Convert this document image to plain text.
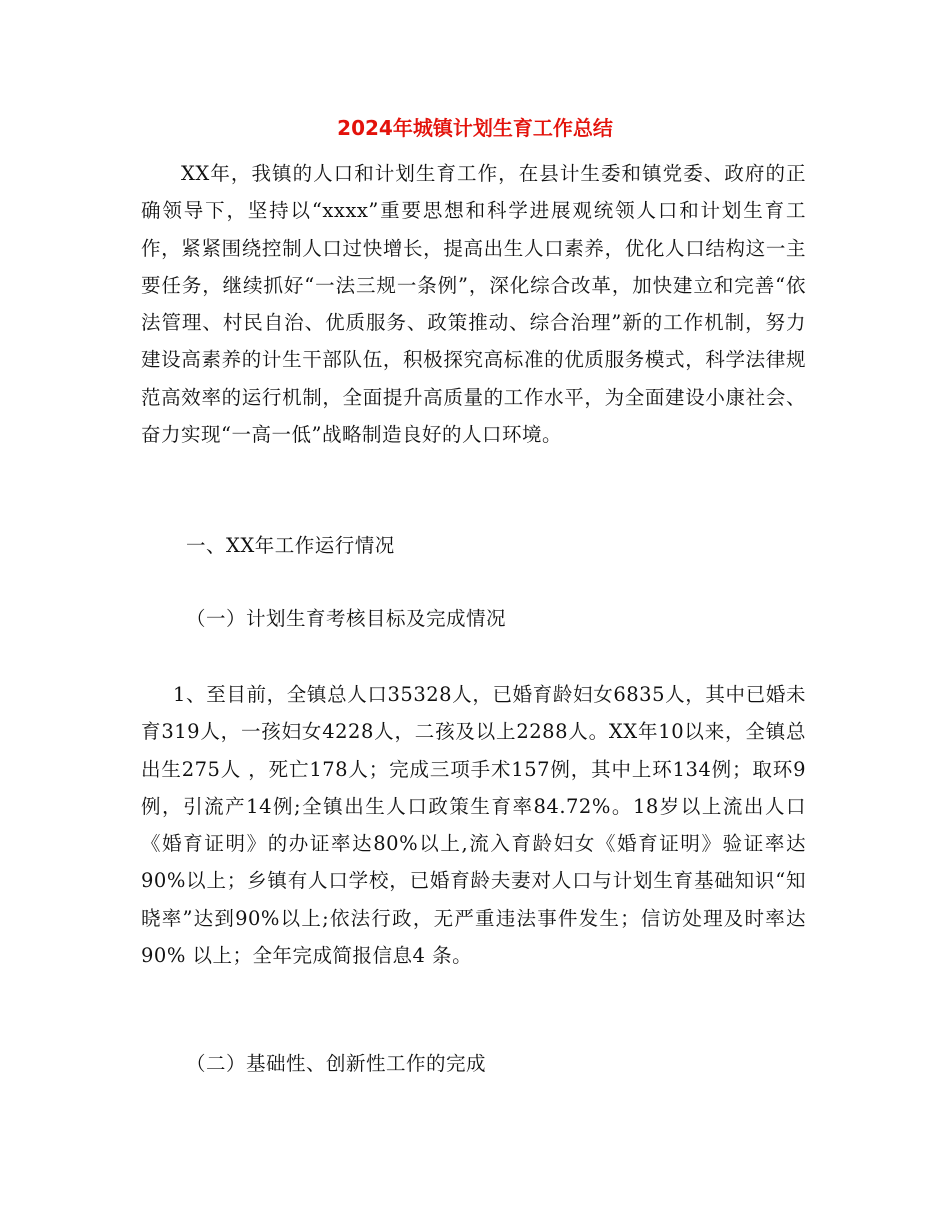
2024年城镇计划生育工作总结

XX年，我镇的人口和计划生育工作，在县计生委和镇党委、政府的正确领导下，坚持以“xxxx”重要思想和科学进展观统领人口和计划生育工作，紧紧围绕控制人口过快增长，提高出生人口素养，优化人口结构这一主要任务，继续抓好“一法三规一条例”，深化综合改革，加快建立和完善“依法管理、村民自治、优质服务、政策推动、综合治理”新的工作机制，努力建设高素养的计生干部队伍，积极探究高标准的优质服务模式，科学法律规范高效率的运行机制，全面提升高质量的工作水平，为全面建设小康社会、奋力实现“一高一低”战略制造良好的人口环境。

一、XX年工作运行情况

（一）计划生育考核目标及完成情况

1、至目前，全镇总人口35328人，已婚育龄妇女6835人，其中已婚未育319人，一孩妇女4228人，二孩及以上2288人。XX年10以来，全镇总出生275人 ，死亡178人；完成三项手术157例，其中上环134例；取环9例，引流产14例;全镇出生人口政策生育率84.72%。18岁以上流出人口《婚育证明》的办证率达80%以上,流入育龄妇女《婚育证明》验证率达90%以上；乡镇有人口学校，已婚育龄夫妻对人口与计划生育基础知识“知晓率”达到90%以上;依法行政，无严重违法事件发生；信访处理及时率达 90% 以上；全年完成简报信息4 条。

（二）基础性、创新性工作的完成
